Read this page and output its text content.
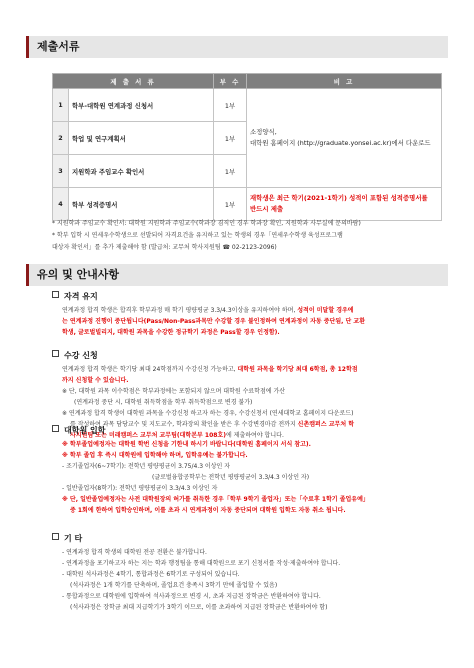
제출서류
제 출 서 류		부 수	비 고
1	학부-대학원 연계과정 신청서	1부	소정양식,
대학원 홈페이지 (http://graduate.yonsei.ac.kr)에서 다운로드

2	학업 및 연구계획서	1부	
3	지원학과 주임교수 확인서	1부	
4	학부 성적증명서	1부	재학생은 최근 학기(2021-1학기) 성적이 포함된 성적증명서를
반드시 제출
* 지원학과 주임교수 확인서: 대학원 지원학과 주임교수(학과장 겸직인 경우 학과장 확인, 지원학과 사무실에 문의바람)
* 학부 입학 시 연세우수학생으로 선발되어 자격요건을 유지하고 있는 학생의 경우「연세우수학생 육성프로그램
대상자 확인서」를 추가 제출해야 함 (발급처: 교무처 학사지원팀 ☎ 02-2123-2096)
유의 및 안내사항
자격 유지
연계과정 합격 학생은 합격후 학부과정 매 학기 평량평균 3.3/4.3이상을 유지하여야 하며, 성적이 미달할 경우에
는 연계과정 진행이 중단됩니다(Pass/Non-Pass과목만 수강할 경우 불인정하여 연계과정이 자동 중단됨, 단 교환
학생, 글로벌빌리지, 대학원 과목을 수강한 정규학기 과정은 Pass할 경우 인정함).
수강 신청
연계과정 합격 학생은 학기당 최대 24학점까지 수강신청 가능하고, 대학원 과목을 학기당 최대 6학점, 총 12학점
까지 신청할 수 있습니다.
※ 단, 대학원 과목 이수학점은 학부과정에는 포함되지 않으며 대학원 수료학점에 가산
(연계과정 중단 시, 대학원 취득학점을 학부 취득학점으로 변경 불가)
※ 연계과정 합격 학생이 대학원 과목을 수강신청 하고자 하는 경우, 수강신청서 (연세대학교 홈페이지 다운로드)
를 작성하여 과목 담당교수 및 지도교수, 학과장의 확인을 받은 후 수강변경마감 전까지 신촌캠퍼스 교무처 학
사지원팀 또는 미래캠퍼스 교무처 교무팀(대학본부 108호)에 제출하여야 합니다.
대학원 입학
※ 학부졸업예정자는 대학원 학번 신청을 기한내 하시기 바랍니다(대학원 홈페이지 서식 참고).
※ 학부 졸업 후 즉시 대학원에 입학해야 하며, 입학유예는 불가합니다.
- 조기졸업자(6~7학기): 전학년 평량평균이 3.75/4.3 이상인 자
(글로벌융합공학부는 전학년 평량평균이 3.3/4.3 이상인 자)
- 일반졸업자(8학기): 전학년 평량평균이 3.3/4.3 이상인 자
※ 단, 일반졸업예정자는 사전 대학원장의 허가를 취득한 경우「학부 9학기 졸업자」또는「수료후 1학기 졸업유예」
중 1회에 한하여 입학승인하며, 이를 초과 시 연계과정이 자동 중단되며 대학원 입학도 자동 취소 됩니다.
기 타
- 연계과정 합격 학생의 대학원 전공 전환은 불가합니다.
- 연계과정을 포기하고자 하는 지는 학과 행정팀을 통해 대학원으로 포기 신청서를 작성·제출하여야 합니다.
- 대학원 석사과정은 4학기, 통합과정은 6학기로 구성되어 있습니다.
(석사과정은 1개 학기를 단축하며, 졸업요건 충족시 3학기 만에 졸업할 수 있음)
- 통합과정으로 대학원에 입학하여 석사과정으로 변경 시, 초과 지급된 장학금은 반환하여야 합니다.
(석사과정은 장학금 최대 지급학기가 3학기 이므로, 이를 초과하여 지급된 장학금은 반환하여야 함)
